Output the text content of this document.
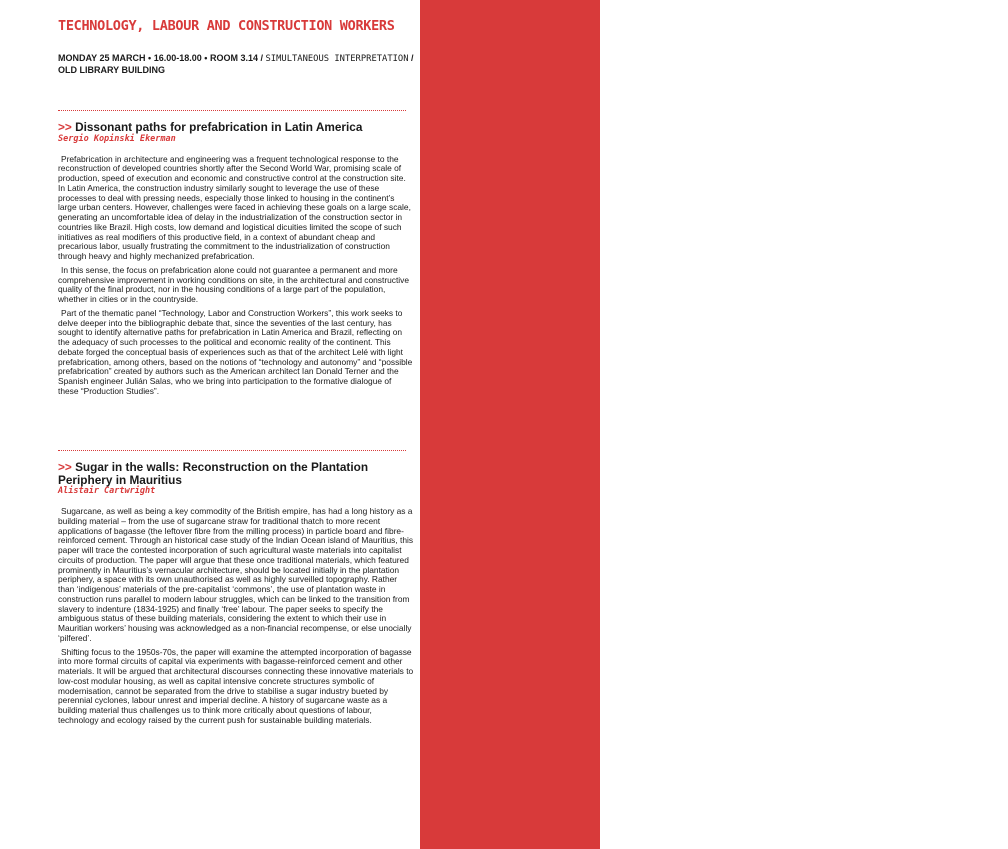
01

SERGIO EKERMAN is an architect and Associate Professor at Faculdade de Arquitetura da Universidade Federal da Bahia (FAUFBA) since 2011, teaching design studios and technology topics, with a research focus on light prefabrication. He also collaborates with the post graduate course in architectural heritage and served as the school dean between 2020 and 2024

ALISTAIR CARTWRIGHT’S work focuses on the contested afterlives of built spaces. He has written mostly about ‘rented rooms’ in Postwar London, including the politics of race and class and the history of building regulations. His current research, supported by a Leverhulme Early Career Fellowship, examines post-disaster reconstruction in Mauritius during decolonisation.

31
TECHNOLOGY, LABOUR AND CONSTRUCTION WORKERS
MONDAY 25 MARCH • 16.00-18.00 • ROOM 3.14 / SIMULTANEOUS INTERPRETATION / OLD LIBRARY BUILDING
>> Dissonant paths for prefabrication in Latin America

Sergio Kopinski Ekerman

Prefabrication in architecture and engineering was a frequent technological response to the reconstruction of developed countries shortly after the Second World War, promising scale of production, speed of execution and economic and constructive control at the construction site. In Latin America, the construction industry similarly sought to leverage the use of these processes to deal with pressing needs, especially those linked to housing in the continent’s large urban centers. However, challenges were faced in achieving these goals on a large scale, generating an uncomfortable idea of delay in the industrialization of the construction sector in countries like Brazil. High costs, low demand and logistical dicuities limited the scope of such initiatives as real modifiers of this productive field, in a context of abundant cheap and precarious labor, usually frustrating the commitment to the industrialization of construction through heavy and highly mechanized prefabrication.

In this sense, the focus on prefabrication alone could not guarantee a permanent and more comprehensive improvement in working conditions on site, in the architectural and constructive quality of the final product, nor in the housing conditions of a large part of the population, whether in cities or in the countryside.

Part of the thematic panel “Technology, Labor and Construction Workers”, this work seeks to delve deeper into the bibliographic debate that, since the seventies of the last century, has sought to identify alternative paths for prefabrication in Latin America and Brazil, reflecting on the adequacy of such processes to the political and economic reality of the continent. This debate forged the conceptual basis of experiences such as that of the architect Lelé with light prefabrication, among others, based on the notions of “technology and autonomy” and “possible prefabrication” created by authors such as the American architect Ian Donald Terner and the Spanish engineer Julián Salas, who we bring into participation to the formative dialogue of these “Production Studies”.

>> Sugar in the walls: Reconstruction on the Plantation Periphery in Mauritius

Alistair Cartwright

Sugarcane, as well as being a key commodity of the British empire, has had a long history as a building material – from the use of sugarcane straw for traditional thatch to more recent applications of bagasse (the leftover fibre from the milling process) in particle board and fibre-reinforced cement. Through an historical case study of the Indian Ocean island of Mauritius, this paper will trace the contested incorporation of such agricultural waste materials into capitalist circuits of production. The paper will argue that these once traditional materials, which featured prominently in Mauritius’s vernacular architecture, should be located initially in the plantation periphery, a space with its own unauthorised as well as highly surveilled topography. Rather than ‘indigenous’ materials of the pre-capitalist ‘commons’, the use of plantation waste in construction runs parallel to modern labour struggles, which can be linked to the transition from slavery to indenture (1834-1925) and finally ‘free’ labour. The paper seeks to specify the ambiguous status of these building materials, considering the extent to which their use in Mauritian workers’ housing was acknowledged as a non-financial recompense, or else unocially ‘pilfered’.

Shifting focus to the 1950s-70s, the paper will examine the attempted incorporation of bagasse into more formal circuits of capital via experiments with bagasse-reinforced cement and other materials. It will be argued that architectural discourses connecting these innovative materials to low-cost modular housing, as well as capital intensive concrete structures symbolic of modernisation, cannot be separated from the drive to stabilise a sugar industry bueted by perennial cyclones, labour unrest and imperial decline. A history of sugarcane waste as a building material thus challenges us to think more critically about questions of labour, technology and ecology raised by the current push for sustainable building materials.
